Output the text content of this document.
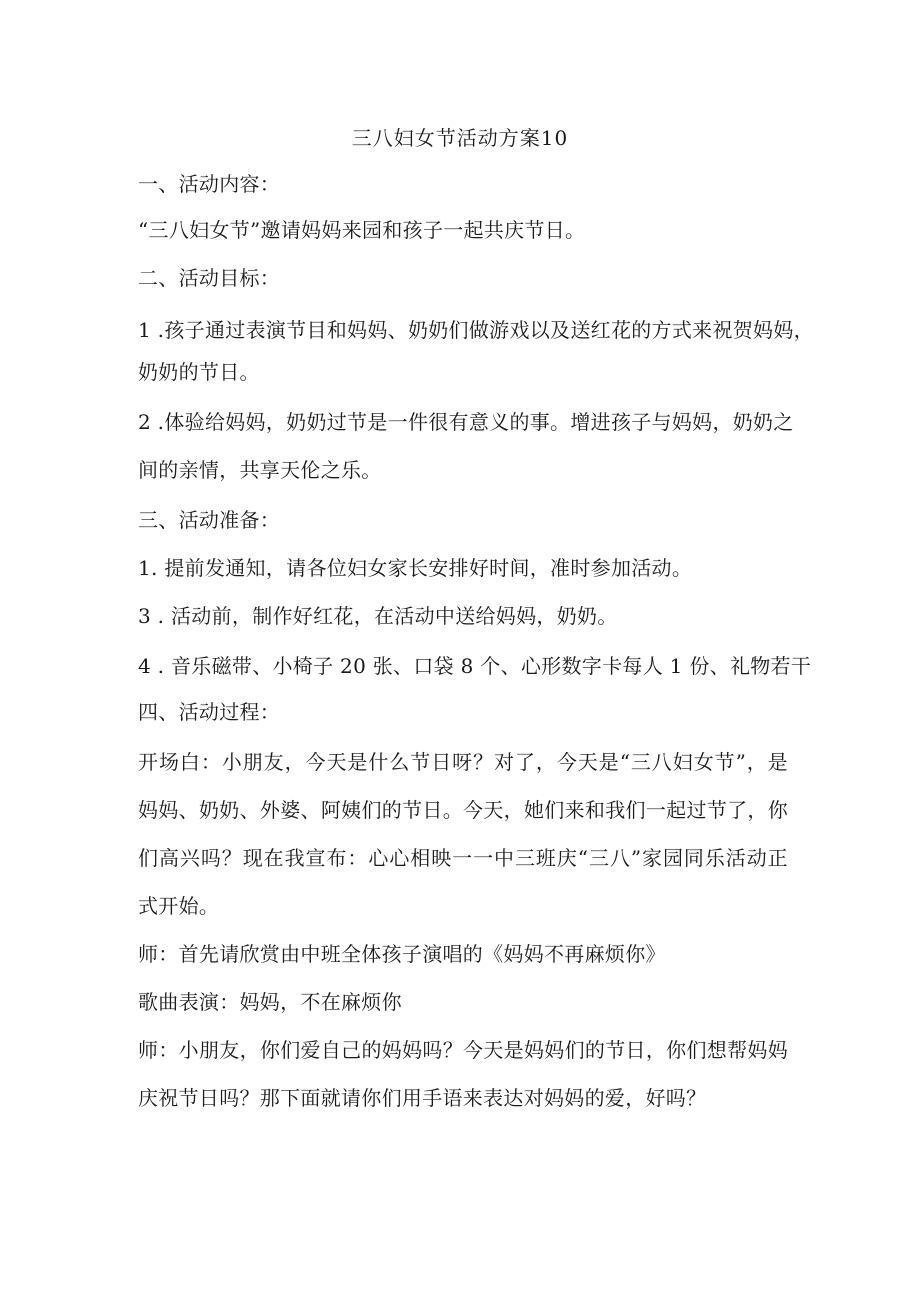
三八妇女节活动方案10
一、活动内容：
“三八妇女节”邀请妈妈来园和孩子一起共庆节日。
二、活动目标：
1 .孩子通过表演节目和妈妈、奶奶们做游戏以及送红花的方式来祝贺妈妈，
奶奶的节日。
2 .体验给妈妈，奶奶过节是一件很有意义的事。增进孩子与妈妈，奶奶之
间的亲情，共享天伦之乐。
三、活动准备：
1. 提前发通知，请各位妇女家长安排好时间，准时参加活动。
3 . 活动前，制作好红花，在活动中送给妈妈，奶奶。
4 . 音乐磁带、小椅子 20 张、口袋 8 个、心形数字卡每人 1 份、礼物若干
四、活动过程：
开场白：小朋友，今天是什么节日呀？对了，今天是“三八妇女节”，是
妈妈、奶奶、外婆、阿姨们的节日。今天，她们来和我们一起过节了，你
们高兴吗？现在我宣布：心心相映一一中三班庆“三八”家园同乐活动正
式开始。
师：首先请欣赏由中班全体孩子演唱的《妈妈不再麻烦你》
歌曲表演：妈妈，不在麻烦你
师：小朋友，你们爱自己的妈妈吗？今天是妈妈们的节日，你们想帮妈妈
庆祝节日吗？那下面就请你们用手语来表达对妈妈的爱，好吗？
